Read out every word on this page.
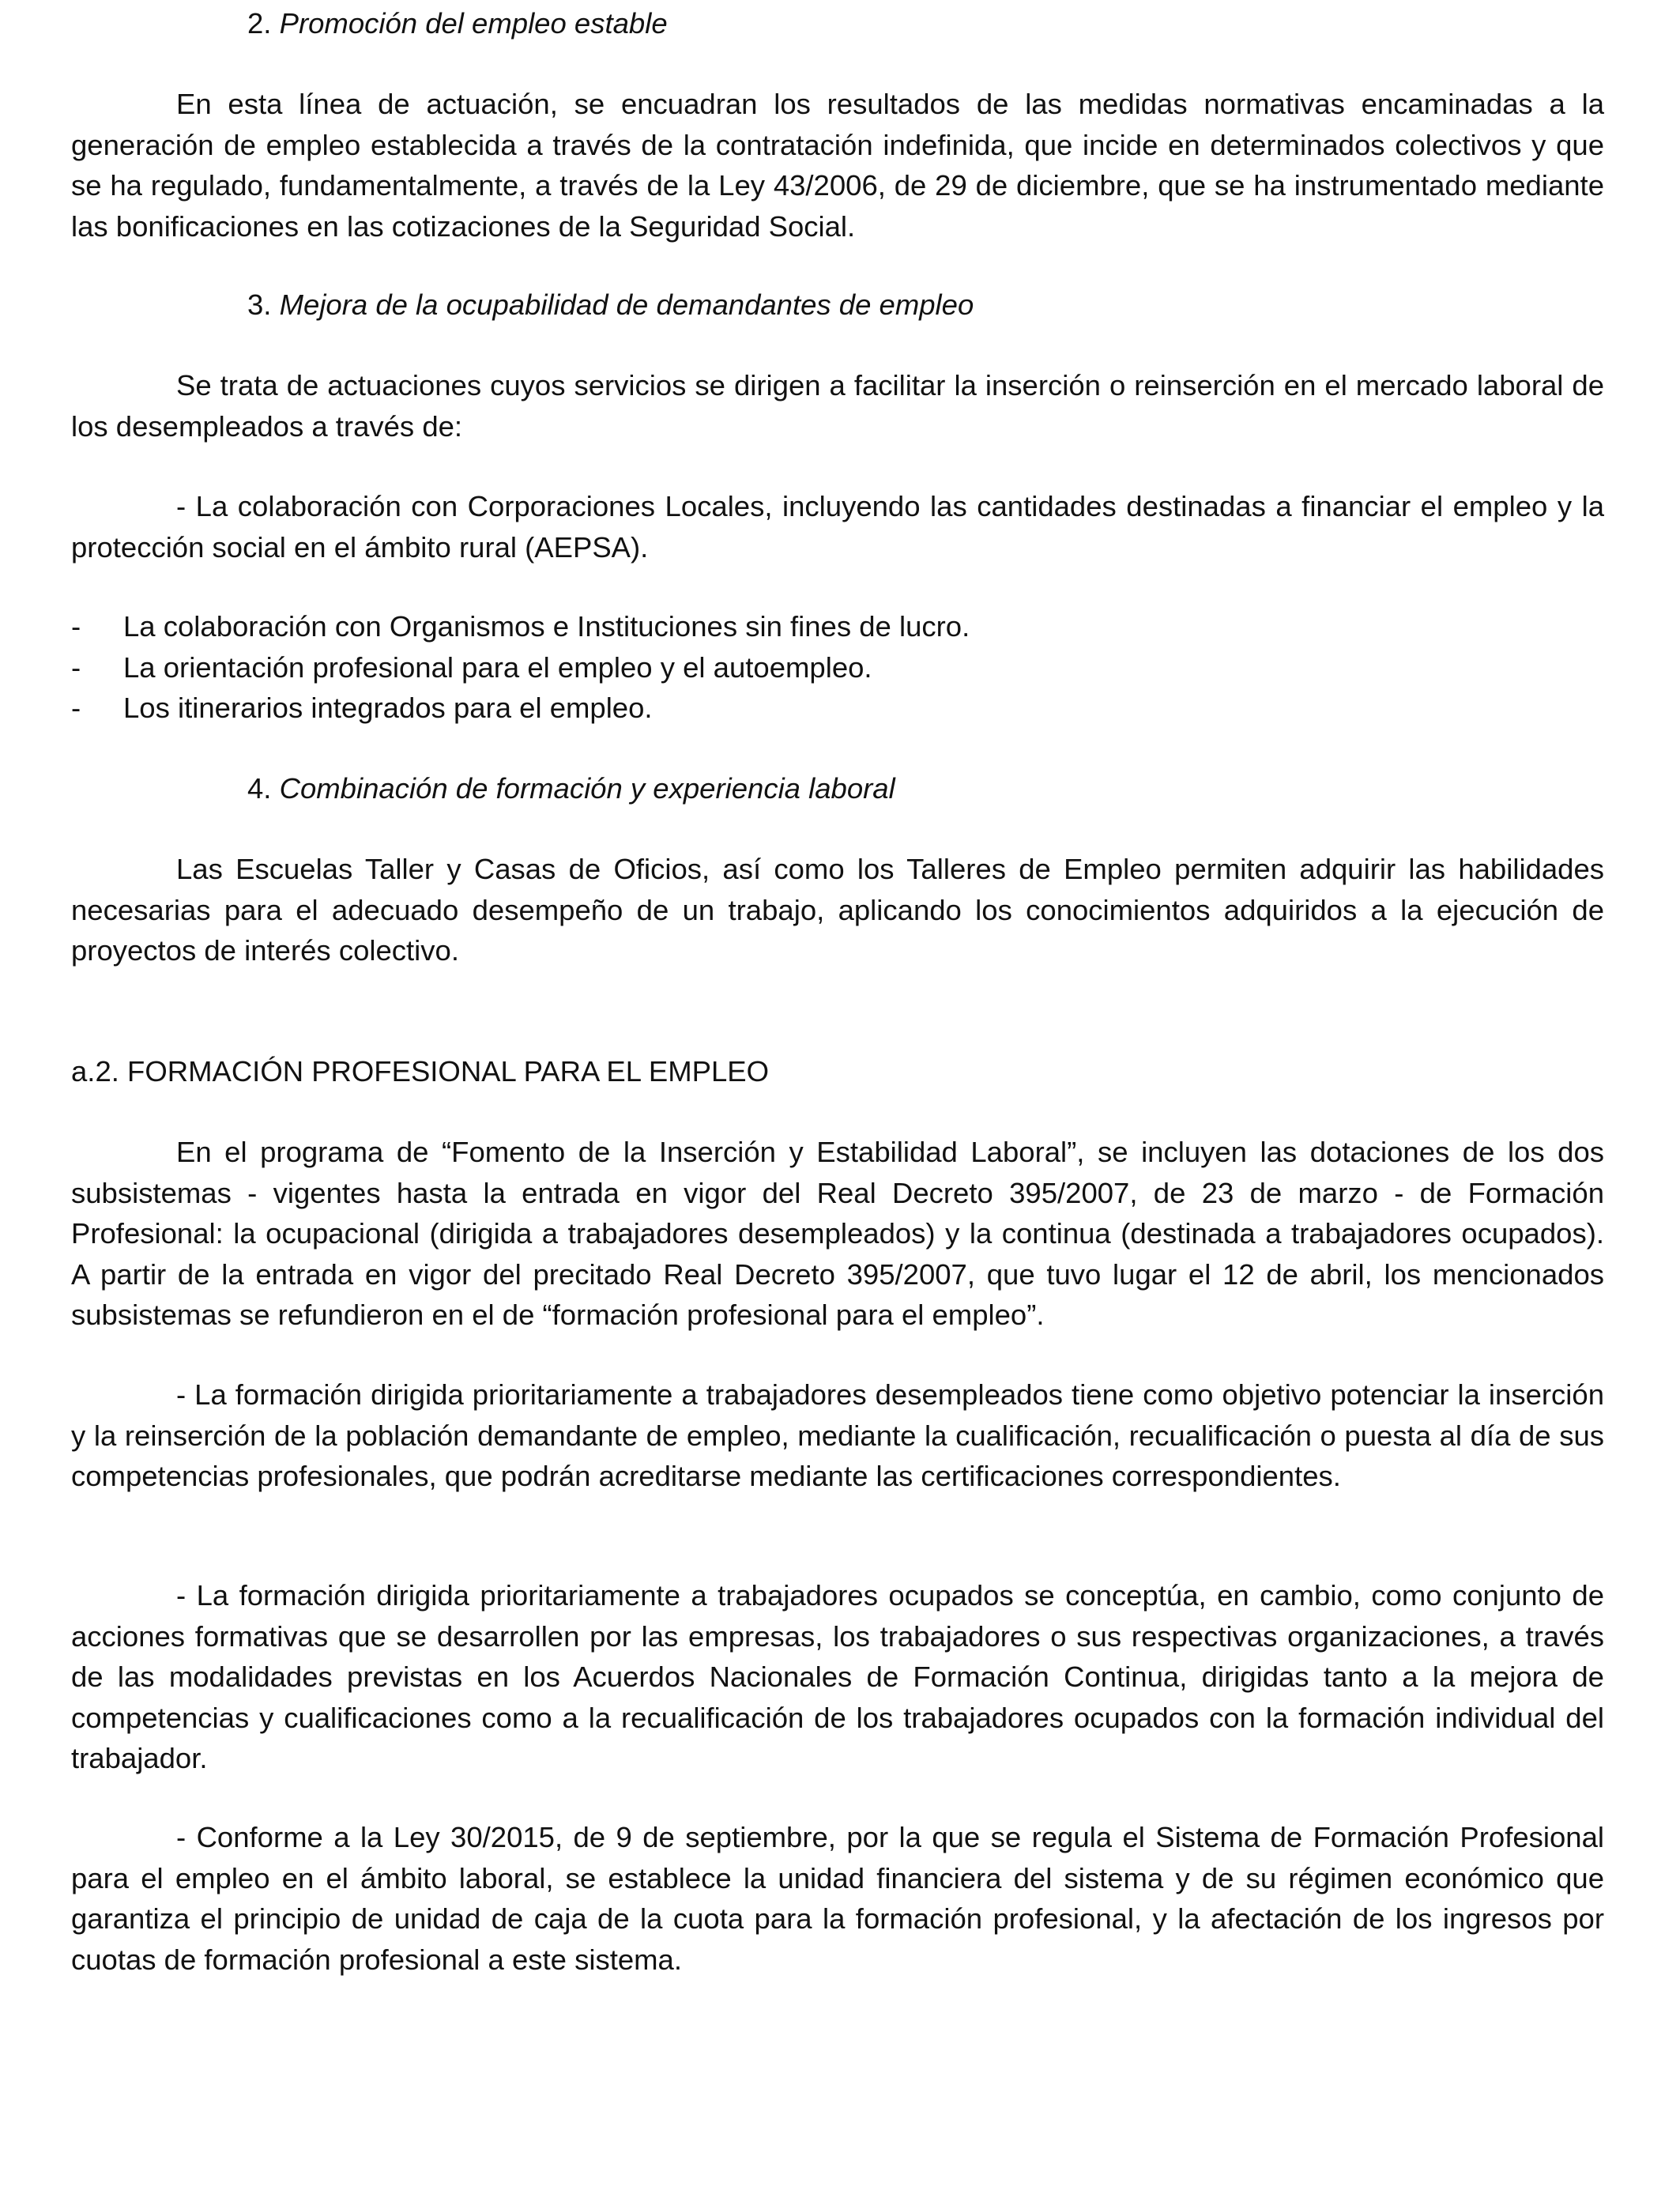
2. Promoción del empleo estable

En esta línea de actuación, se encuadran los resultados de las medidas normativas encaminadas a la generación de empleo establecida a través de la contratación indefinida, que incide en determinados colectivos y que se ha regulado, fundamentalmente, a través de la Ley 43/2006, de 29 de diciembre, que se ha instrumentado mediante las bonificaciones en las cotizaciones de la Seguridad Social.

3. Mejora de la ocupabilidad de demandantes de empleo

Se trata de actuaciones cuyos servicios se dirigen a facilitar la inserción o reinserción en el mercado laboral de los desempleados a través de:

- La colaboración con Corporaciones Locales, incluyendo las cantidades destinadas a financiar el empleo y la protección social en el ámbito rural (AEPSA).

- La colaboración con Organismos e Instituciones sin fines de lucro.
- La orientación profesional para el empleo y el autoempleo.
- Los itinerarios integrados para el empleo.

4. Combinación de formación y experiencia laboral

Las Escuelas Taller y Casas de Oficios, así como los Talleres de Empleo permiten adquirir las habilidades necesarias para el adecuado desempeño de un trabajo, aplicando los conocimientos adquiridos a la ejecución de proyectos de interés colectivo.

a.2. FORMACIÓN PROFESIONAL PARA EL EMPLEO

En el programa de “Fomento de la Inserción y Estabilidad Laboral”, se incluyen las dotaciones de los dos subsistemas - vigentes hasta la entrada en vigor del Real Decreto 395/2007, de 23 de marzo - de Formación Profesional: la ocupacional (dirigida a trabajadores desempleados) y la continua (destinada a trabajadores ocupados). A partir de la entrada en vigor del precitado Real Decreto 395/2007, que tuvo lugar el 12 de abril, los mencionados subsistemas se refundieron en el de “formación profesional para el empleo”.

- La formación dirigida prioritariamente a trabajadores desempleados tiene como objetivo potenciar la inserción y la reinserción de la población demandante de empleo, mediante la cualificación, recualificación o puesta al día de sus competencias profesionales, que podrán acreditarse mediante las certificaciones correspondientes.

- La formación dirigida prioritariamente a trabajadores ocupados se conceptúa, en cambio, como conjunto de acciones formativas que se desarrollen por las empresas, los trabajadores o sus respectivas organizaciones, a través de las modalidades previstas en los Acuerdos Nacionales de Formación Continua, dirigidas tanto a la mejora de competencias y cualificaciones como a la recualificación de los trabajadores ocupados con la formación individual del trabajador.

- Conforme a la Ley 30/2015, de 9 de septiembre, por la que se regula el Sistema de Formación Profesional para el empleo en el ámbito laboral, se establece la unidad financiera del sistema y de su régimen económico que garantiza el principio de unidad de caja de la cuota para la formación profesional, y la afectación de los ingresos por cuotas de formación profesional a este sistema.
